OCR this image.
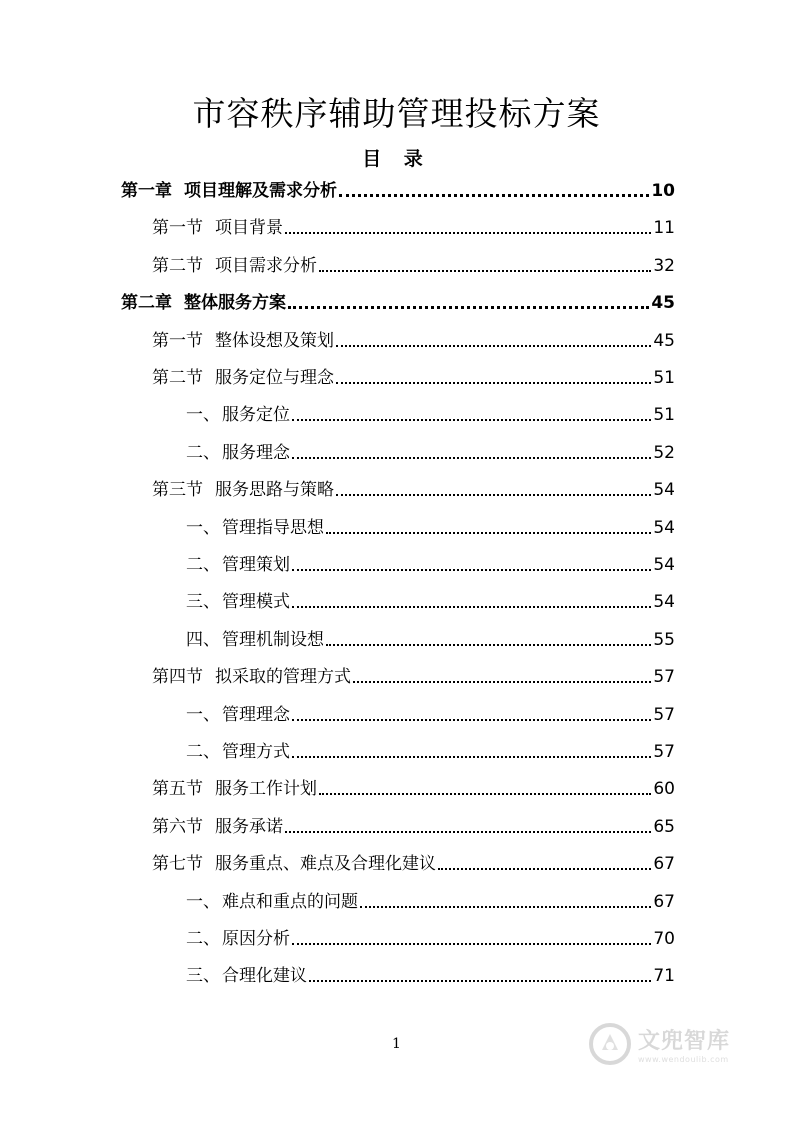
市容秩序辅助管理投标方案
目 录
第一章 项目理解及需求分析	10
第一节 项目背景	11
第二节 项目需求分析	32
第二章 整体服务方案	45
第一节 整体设想及策划	45
第二节 服务定位与理念	51
一、 服务定位	51
二、 服务理念	52
第三节 服务思路与策略	54
一、 管理指导思想	54
二、 管理策划	54
三、 管理模式	54
四、 管理机制设想	55
第四节 拟采取的管理方式	57
一、 管理理念	57
二、 管理方式	57
第五节 服务工作计划	60
第六节 服务承诺	65
第七节 服务重点、难点及合理化建议	67
一、 难点和重点的问题	67
二、 原因分析	70
三、 合理化建议	71
1	文兜智库
www.wendoulib.com
